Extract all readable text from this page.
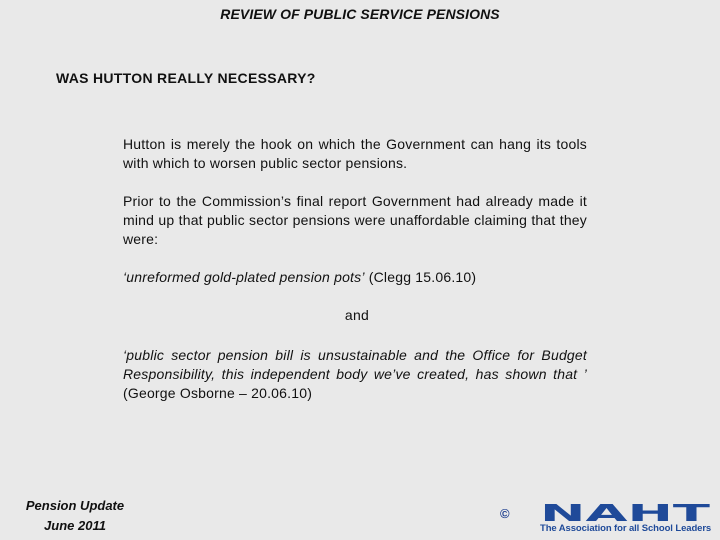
REVIEW OF PUBLIC SERVICE PENSIONS
WAS HUTTON REALLY NECESSARY?
Hutton is merely the hook on which the Government can hang its tools with which to worsen public sector pensions.
Prior to the Commission’s final report Government had already made it mind up that public sector pensions were unaffordable claiming that they were:
‘unreformed gold-plated pension pots’ (Clegg 15.06.10)
and
‘public sector pension bill is unsustainable and the Office for Budget Responsibility, this independent body we’ve created, has shown that ’ (George Osborne – 20.06.10)
Pension Update
June 2011
© NAHT
The Association for all School Leaders
